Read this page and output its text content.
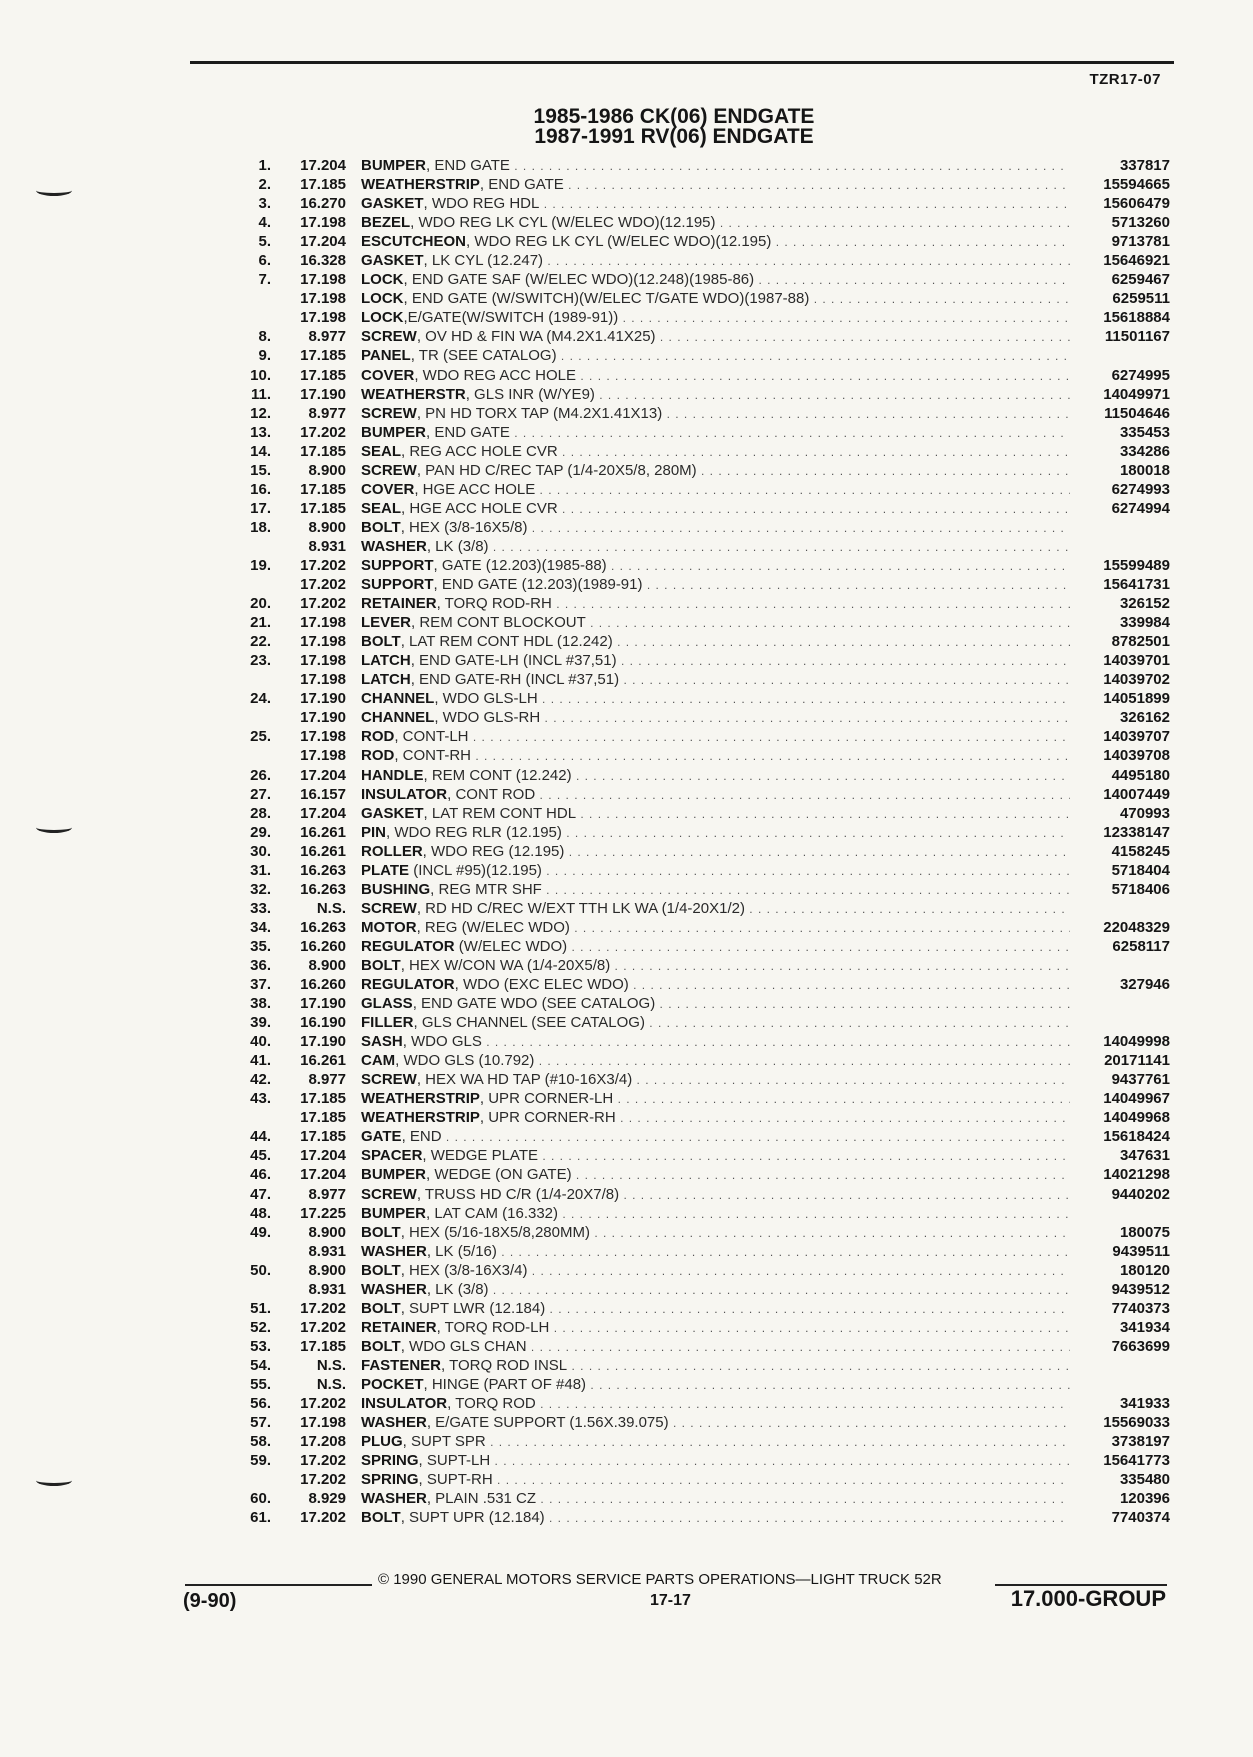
TZR17-07
1985-1986 CK(06) ENDGATE
1987-1991 RV(06) ENDGATE
1.	17.204 BUMPER, END GATE . . .	337817
2.	17.185 WEATHERSTRIP, END GATE . . .	15594665
3.	16.270 GASKET, WDO REG HDL . . .	15606479
4.	17.198 BEZEL, WDO REG LK CYL (W/ELEC WDO)(12.195) . . .	5713260
5.	17.204 ESCUTCHEON, WDO REG LK CYL (W/ELEC WDO)(12.195) . . .	9713781
6.	16.328 GASKET, LK CYL (12.247) . . .	15646921
7.	17.198 LOCK, END GATE SAF (W/ELEC WDO)(12.248)(1985-86) . . .	6259467
17.198 LOCK, END GATE (W/SWITCH)(W/ELEC T/GATE WDO)(1987-88) . . .	6259511
17.198 LOCK,E/GATE(W/SWITCH (1989-91)) . . .	15618884
8.	8.977 SCREW, OV HD & FIN WA (M4.2X1.41X25) . . .	11501167
9.	17.185 PANEL, TR (SEE CATALOG) . . .
10.	17.185 COVER, WDO REG ACC HOLE . . .	6274995
11.	17.190 WEATHERSTR, GLS INR (W/YE9) . . .	14049971
12.	8.977 SCREW, PN HD TORX TAP (M4.2X1.41X13) . . .	11504646
13.	17.202 BUMPER, END GATE . . .	335453
14.	17.185 SEAL, REG ACC HOLE CVR . . .	334286
15.	8.900 SCREW, PAN HD C/REC TAP (1/4-20X5/8, 280M) . . .	180018
16.	17.185 COVER, HGE ACC HOLE . . .	6274993
17.	17.185 SEAL, HGE ACC HOLE CVR . . .	6274994
18.	8.900 BOLT, HEX (3/8-16X5/8) . . .
8.931 WASHER, LK (3/8) . . .
19.	17.202 SUPPORT, GATE (12.203)(1985-88) . . .	15599489
17.202 SUPPORT, END GATE (12.203)(1989-91) . . .	15641731
20.	17.202 RETAINER, TORQ ROD-RH . . .	326152
21.	17.198 LEVER, REM CONT BLOCKOUT . . .	339984
22.	17.198 BOLT, LAT REM CONT HDL (12.242) . . .	8782501
23.	17.198 LATCH, END GATE-LH (INCL #37,51) . . .	14039701
17.198 LATCH, END GATE-RH (INCL #37,51) . . .	14039702
24.	17.190 CHANNEL, WDO GLS-LH . . .	14051899
17.190 CHANNEL, WDO GLS-RH . . .	326162
25.	17.198 ROD, CONT-LH . . .	14039707
17.198 ROD, CONT-RH . . .	14039708
26.	17.204 HANDLE, REM CONT (12.242) . . .	4495180
27.	16.157 INSULATOR, CONT ROD . . .	14007449
28.	17.204 GASKET, LAT REM CONT HDL . . .	470993
29.	16.261 PIN, WDO REG RLR (12.195) . . .	12338147
30.	16.261 ROLLER, WDO REG (12.195) . . .	4158245
31.	16.263 PLATE (INCL #95)(12.195) . . .	5718404
32.	16.263 BUSHING, REG MTR SHF . . .	5718406
33.	N.S. SCREW, RD HD C/REC W/EXT TTH LK WA (1/4-20X1/2) . . .
34.	16.263 MOTOR, REG (W/ELEC WDO) . . .	22048329
35.	16.260 REGULATOR (W/ELEC WDO) . . .	6258117
36.	8.900 BOLT, HEX W/CON WA (1/4-20X5/8) . . .
37.	16.260 REGULATOR, WDO (EXC ELEC WDO) . . .	327946
38.	17.190 GLASS, END GATE WDO (SEE CATALOG) . . .
39.	16.190 FILLER, GLS CHANNEL (SEE CATALOG) . . .
40.	17.190 SASH, WDO GLS . . .	14049998
41.	16.261 CAM, WDO GLS (10.792) . . .	20171141
42.	8.977 SCREW, HEX WA HD TAP (#10-16X3/4) . . .	9437761
43.	17.185 WEATHERSTRIP, UPR CORNER-LH . . .	14049967
17.185 WEATHERSTRIP, UPR CORNER-RH . . .	14049968
44.	17.185 GATE, END . . .	15618424
45.	17.204 SPACER, WEDGE PLATE . . .	347631
46.	17.204 BUMPER, WEDGE (ON GATE) . . .	14021298
47.	8.977 SCREW, TRUSS HD C/R (1/4-20X7/8) . . .	9440202
48.	17.225 BUMPER, LAT CAM (16.332) . . .
49.	8.900 BOLT, HEX (5/16-18X5/8,280MM) . . .	180075
8.931 WASHER, LK (5/16) . . .	9439511
50.	8.900 BOLT, HEX (3/8-16X3/4) . . .	180120
8.931 WASHER, LK (3/8) . . .	9439512
51.	17.202 BOLT, SUPT LWR (12.184) . . .	7740373
52.	17.202 RETAINER, TORQ ROD-LH . . .	341934
53.	17.185 BOLT, WDO GLS CHAN . . .	7663699
54.	N.S. FASTENER, TORQ ROD INSL . . .
55.	N.S. POCKET, HINGE (PART OF #48) . . .
56.	17.202 INSULATOR, TORQ ROD . . .	341933
57.	17.198 WASHER, E/GATE SUPPORT (1.56X.39.075) . . .	15569033
58.	17.208 PLUG, SUPT SPR . . .	3738197
59.	17.202 SPRING, SUPT-LH . . .	15641773
17.202 SPRING, SUPT-RH . . .	335480
60.	8.929 WASHER, PLAIN .531 CZ . . .	120396
61.	17.202 BOLT, SUPT UPR (12.184) . . .	7740374
© 1990 GENERAL MOTORS SERVICE PARTS OPERATIONS—LIGHT TRUCK 52R
(9-90)	17-17	17.000-GROUP
